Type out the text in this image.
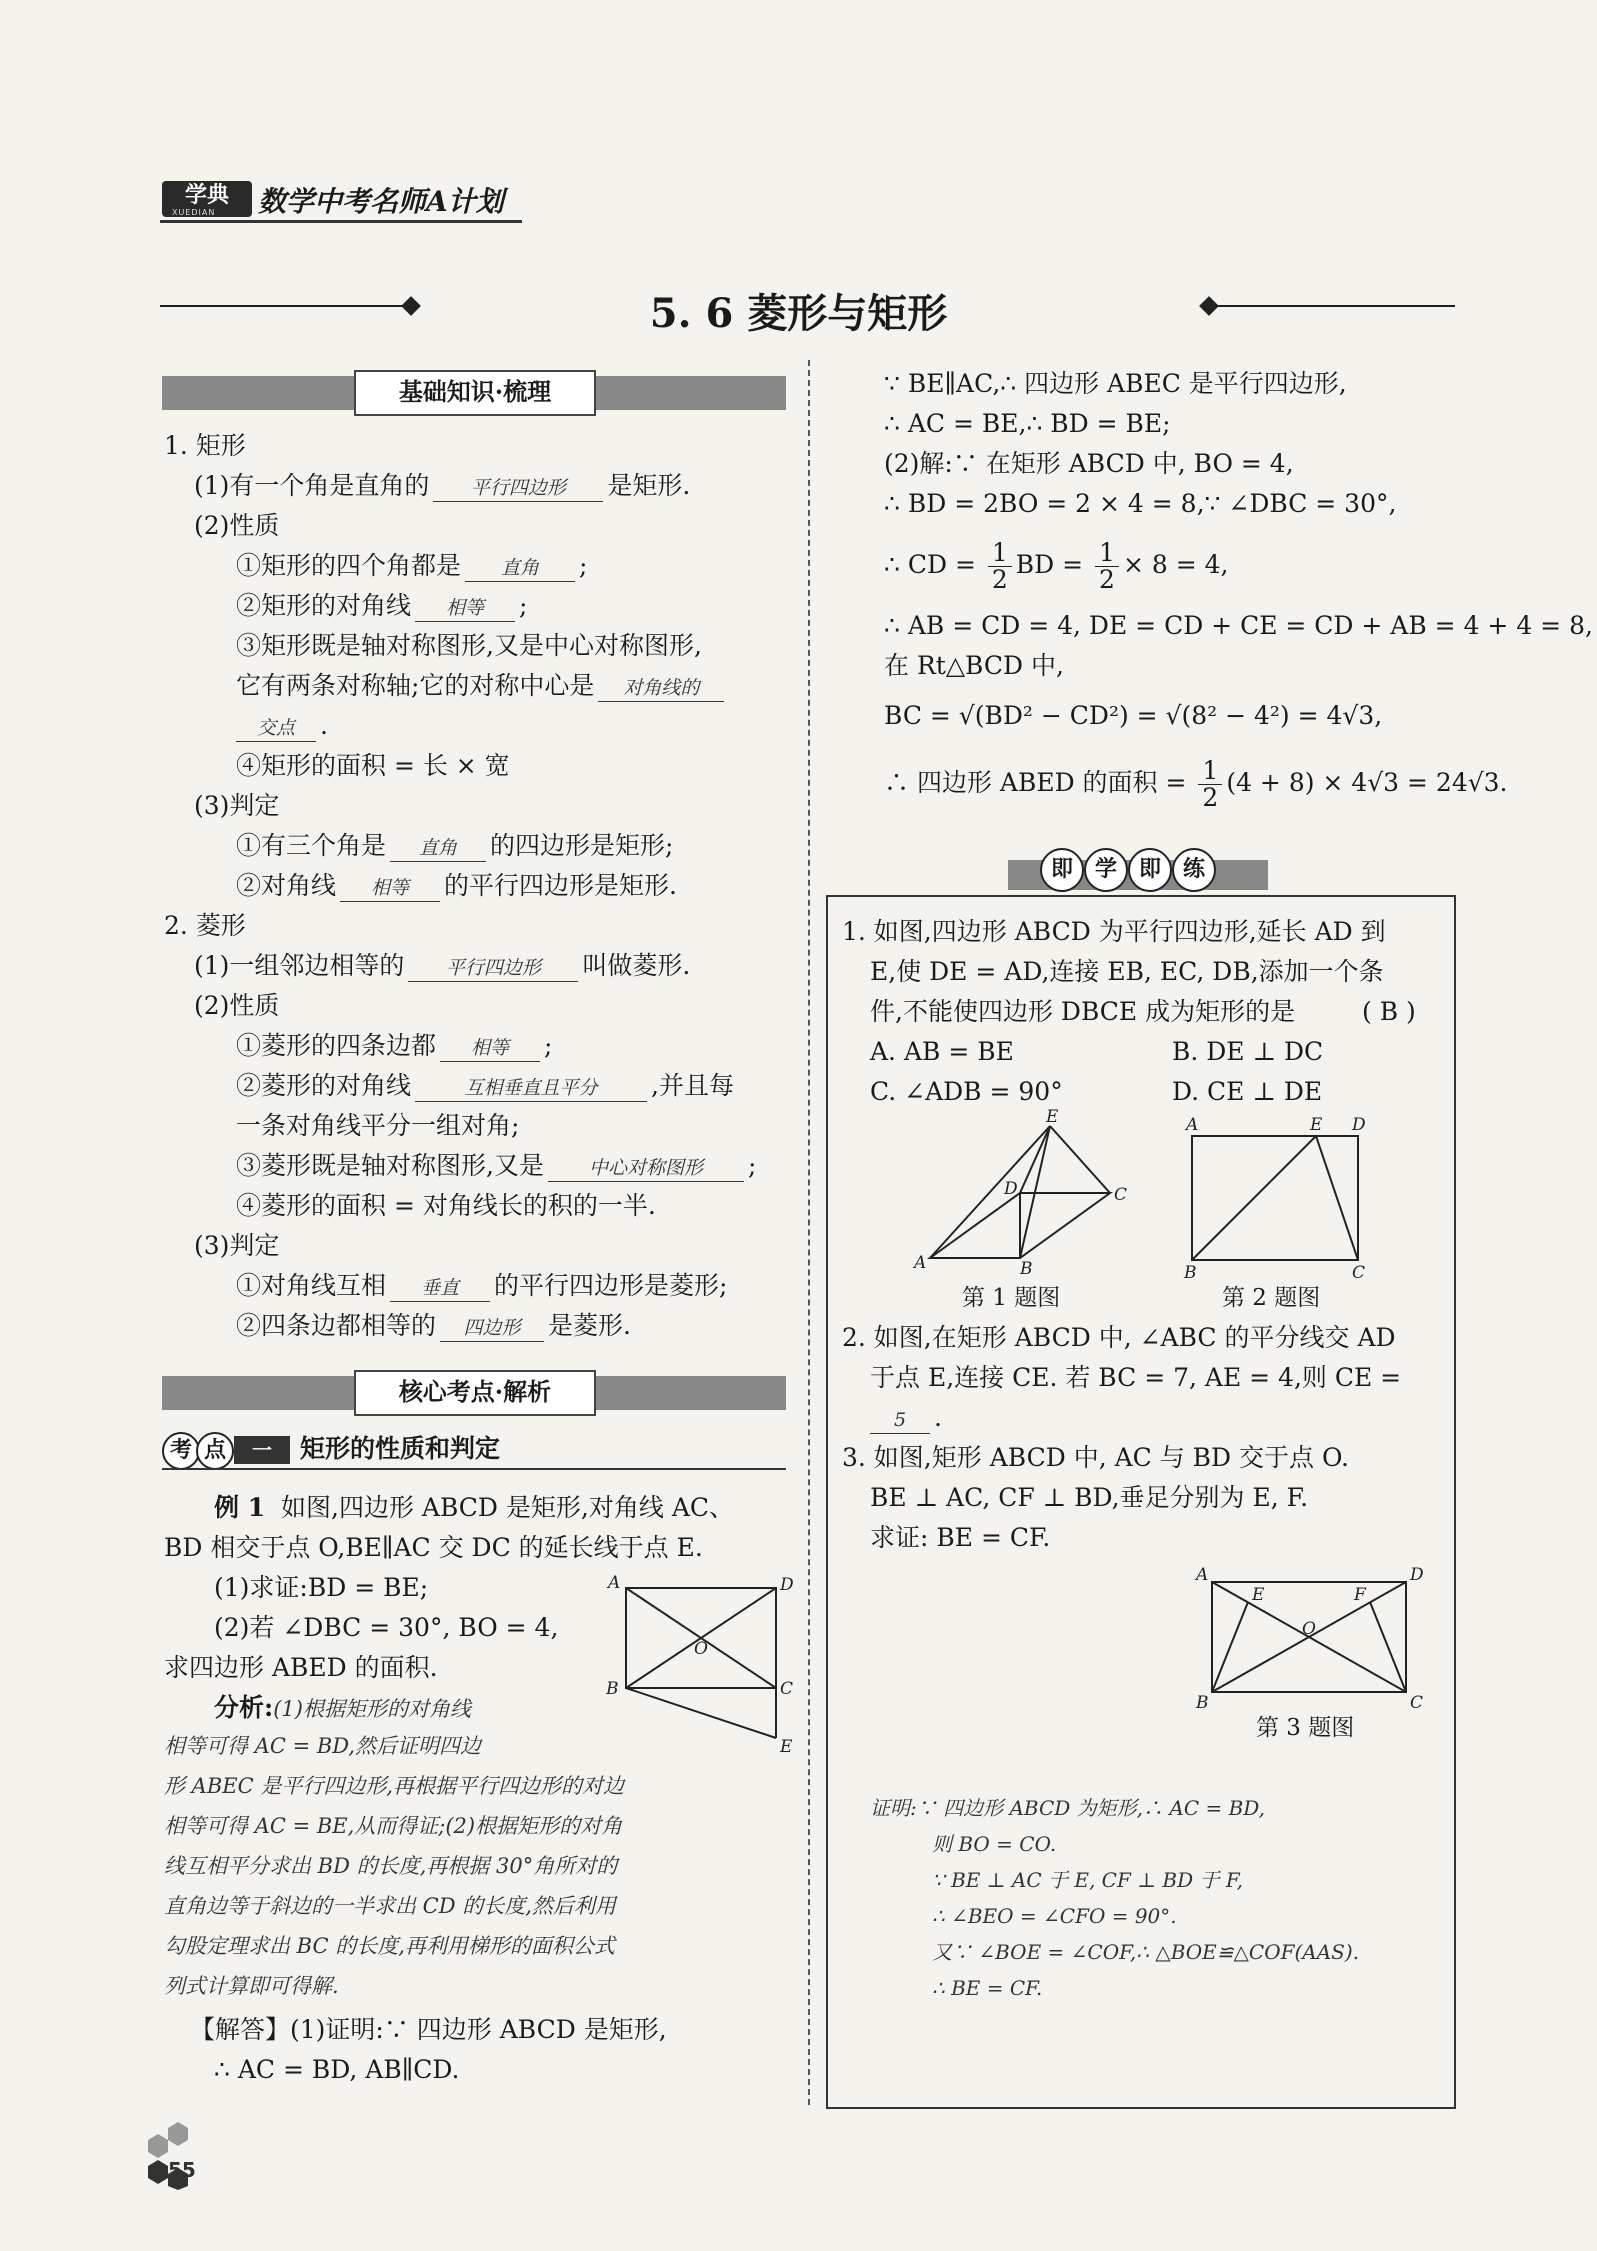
学典
XUEDIAN 数学中考名师A计划
5. 6 菱形与矩形
基础知识·梳理
1. 矩形
(1)有一个角是直角的 平行四边形 是矩形.
(2)性质
①矩形的四个角都是 直角 ;
②矩形的对角线 相等 ;
③矩形既是轴对称图形,又是中心对称图形,
它有两条对称轴;它的对称中心是 对角线的
交点 .
④矩形的面积 = 长 × 宽
(3)判定
①有三个角是 直角 的四边形是矩形;
②对角线 相等 的平行四边形是矩形.
2. 菱形
(1)一组邻边相等的 平行四边形 叫做菱形.
(2)性质
①菱形的四条边都 相等 ;
②菱形的对角线	互相垂直且平分 ,并且每
一条对角线平分一组对角;
③菱形既是轴对称图形,又是 中心对称图形 ;
④菱形的面积 = 对角线长的积的一半.
(3)判定
①对角线互相 垂直 的平行四边形是菱形;
②四条边都相等的 四边形 是菱形.
核心考点·解析
考 点	一	矩形的性质和判定
例 1 如图,四边形 ABCD 是矩形,对角线 AC、
BD 相交于点 O,BE∥AC 交 DC 的延长线于点 E.
(1)求证:BD = BE;
(2)若 ∠DBC = 30°, BO = 4,
求四边形 ABED 的面积.
A	D
O
B	C
E
分析:(1)根据矩形的对角线
相等可得 AC = BD,然后证明四边
形 ABEC 是平行四边形,再根据平行四边形的对边
相等可得 AC = BE,从而得证;(2)根据矩形的对角
线互相平分求出 BD 的长度,再根据 30°角所对的
直角边等于斜边的一半求出 CD 的长度,然后利用
勾股定理求出 BC 的长度,再利用梯形的面积公式
列式计算即可得解.
【解答】(1)证明:∵ 四边形 ABCD 是矩形,
∴ AC = BD, AB∥CD.
∵ BE∥AC,∴ 四边形 ABEC 是平行四边形,
∴ AC = BE,∴ BD = BE;
(2)解:∵ 在矩形 ABCD 中, BO = 4,
∴ BD = 2BO = 2 × 4 = 8,∵ ∠DBC = 30°,
∴ CD = $\frac{1}{2}$ BD = $\frac{1}{2} \times 8 = 4$,
∴ AB = CD = 4, DE = CD + CE = CD + AB = 4 + 4 = 8,
在 Rt△BCD 中,
BC = √(BD² − CD²) = √(8² − 4²) = 4√3,
∴ 四边形 ABED 的面积 = $\frac{1}{2} (4 + 8) \times 4√3 = 24√3$.
即 学 即 练
1. 如图,四边形 ABCD 为平行四边形,延长 AD 到
E,使 DE = AD,连接 EB, EC, DB,添加一个条
件,不能使四边形 DBCE 成为矩形的是	( B )
A. AB = BE	B. DE ⊥ DC
C. ∠ADB = 90°	D. CE ⊥ DE
E
D	C
A	B
第 1 题图
A	E D
B	C
第 2 题图
2. 如图,在矩形 ABCD 中, ∠ABC 的平分线交 AD
于点 E,连接 CE. 若 BC = 7, AE = 4,则 CE =
5 .
3. 如图,矩形 ABCD 中, AC 与 BD 交于点 O.
BE ⊥ AC, CF ⊥ BD,垂足分别为 E, F.
求证: BE = CF.
A	D
E	F
O
B	C
第 3 题图
证明:∵ 四边形 ABCD 为矩形,∴ AC = BD,
则 BO = CO.
∵ BE ⊥ AC 于 E, CF ⊥ BD 于 F,
∴ ∠BEO = ∠CFO = 90°.
又∵ ∠BOE = ∠COF,∴ △BOE≌△COF(AAS).
∴ BE = CF.
55
